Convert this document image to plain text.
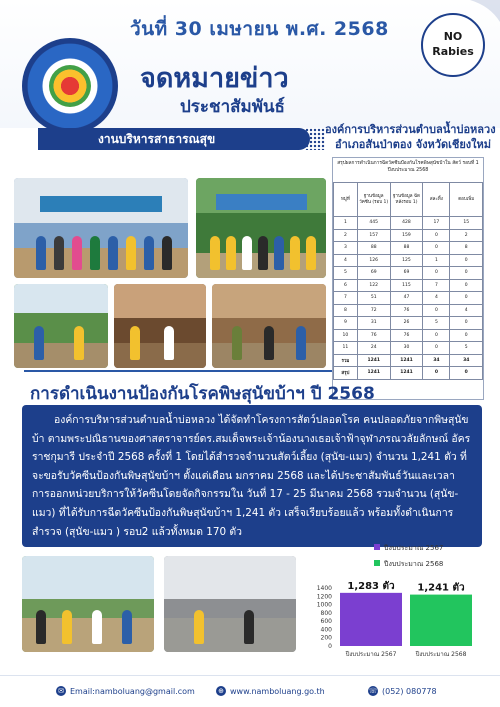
วันที่ 30 เมษายน พ.ศ. 2568
จดหมายข่าว
ประชาสัมพันธ์
NO
Rabies
งานบริหารสาธารณสุข
องค์การบริหารส่วนตำบลน้ำบ่อหลวง
อำเภอสันป่าตอง จังหวัดเชียงใหม่
สรุปผลการดำเนินการฉีดวัคซีนป้องกันโรคพิษสุนัขบ้าใน สัตว์ รอบที่ 1 ปีงบประมาณ 2568
หมู่ที่	ฐานข้อมูล วัคซีน (รอบ 1)	ฐานข้อมูล ฉีด หลังรอบ 1)	สละทิ้ง	ตอบเพิ่ม
1	445	428	17	15
2	157	159	0	2
3	88	88	0	8
4	126	125	1	0
5	69	69	0	0
6	122	115	7	0
7	51	47	4	0
8	72	76	0	4
9	31	26	5	0
10	76	76	0	0
11	24	30	0	5
รวม	1241	1241	34	34
สรุป	1241	1241	0	0
การดำเนินงานป้องกันโรคพิษสุนัขบ้าฯ ปี 2568

องค์การบริหารส่วนตำบลน้ำบ่อหลวง ได้จัดทำโครงการสัตว์ปลอดโรค คนปลอดภัยจากพิษสุนัขบ้า ตามพระปณิธานของศาสตราจารย์ดร.สมเด็จพระเจ้าน้องนางเธอเจ้าฟ้าจุฬาภรณวลัยลักษณ์ อัครราชกุมารี ประจำปี 2568 ครั้งที่ 1 โดยได้สำรวจจำนวนสัตว์เลี้ยง (สุนัข-แมว) จำนวน 1,241 ตัว ที่จะขอรับวัคซีนป้องกันพิษสุนัขบ้าฯ ตั้งแต่เดือน มกราคม 2568 และได้ประชาสัมพันธ์วันและเวลาการออกหน่วยบริการให้วัคซีนโดยจัดกิจกรรมใน วันที่ 17 - 25 มีนาคม 2568 รวมจำนวน (สุนัข-แมว) ที่ได้รับการฉีดวัคซีนป้องกันพิษสุนัขบ้าฯ 1,241 ตัว เสร็จเรียบร้อยแล้ว พร้อมทั้งดำเนินการสำรวจ (สุนัข-แมว ) รอบ2 แล้วทั้งหมด 170 ตัว

ปีงบประมาณ 2567
ปีงบประมาณ 2568
0
200
400
600
800
1000
1200
1400 1,283 ตัว
ปีงบประมาณ 2567
1,241 ตัว
ปีงบประมาณ 2568
✉ Email:namboluang@gmail.com	⊕ www.namboluang.go.th	☏ (052) 080778
